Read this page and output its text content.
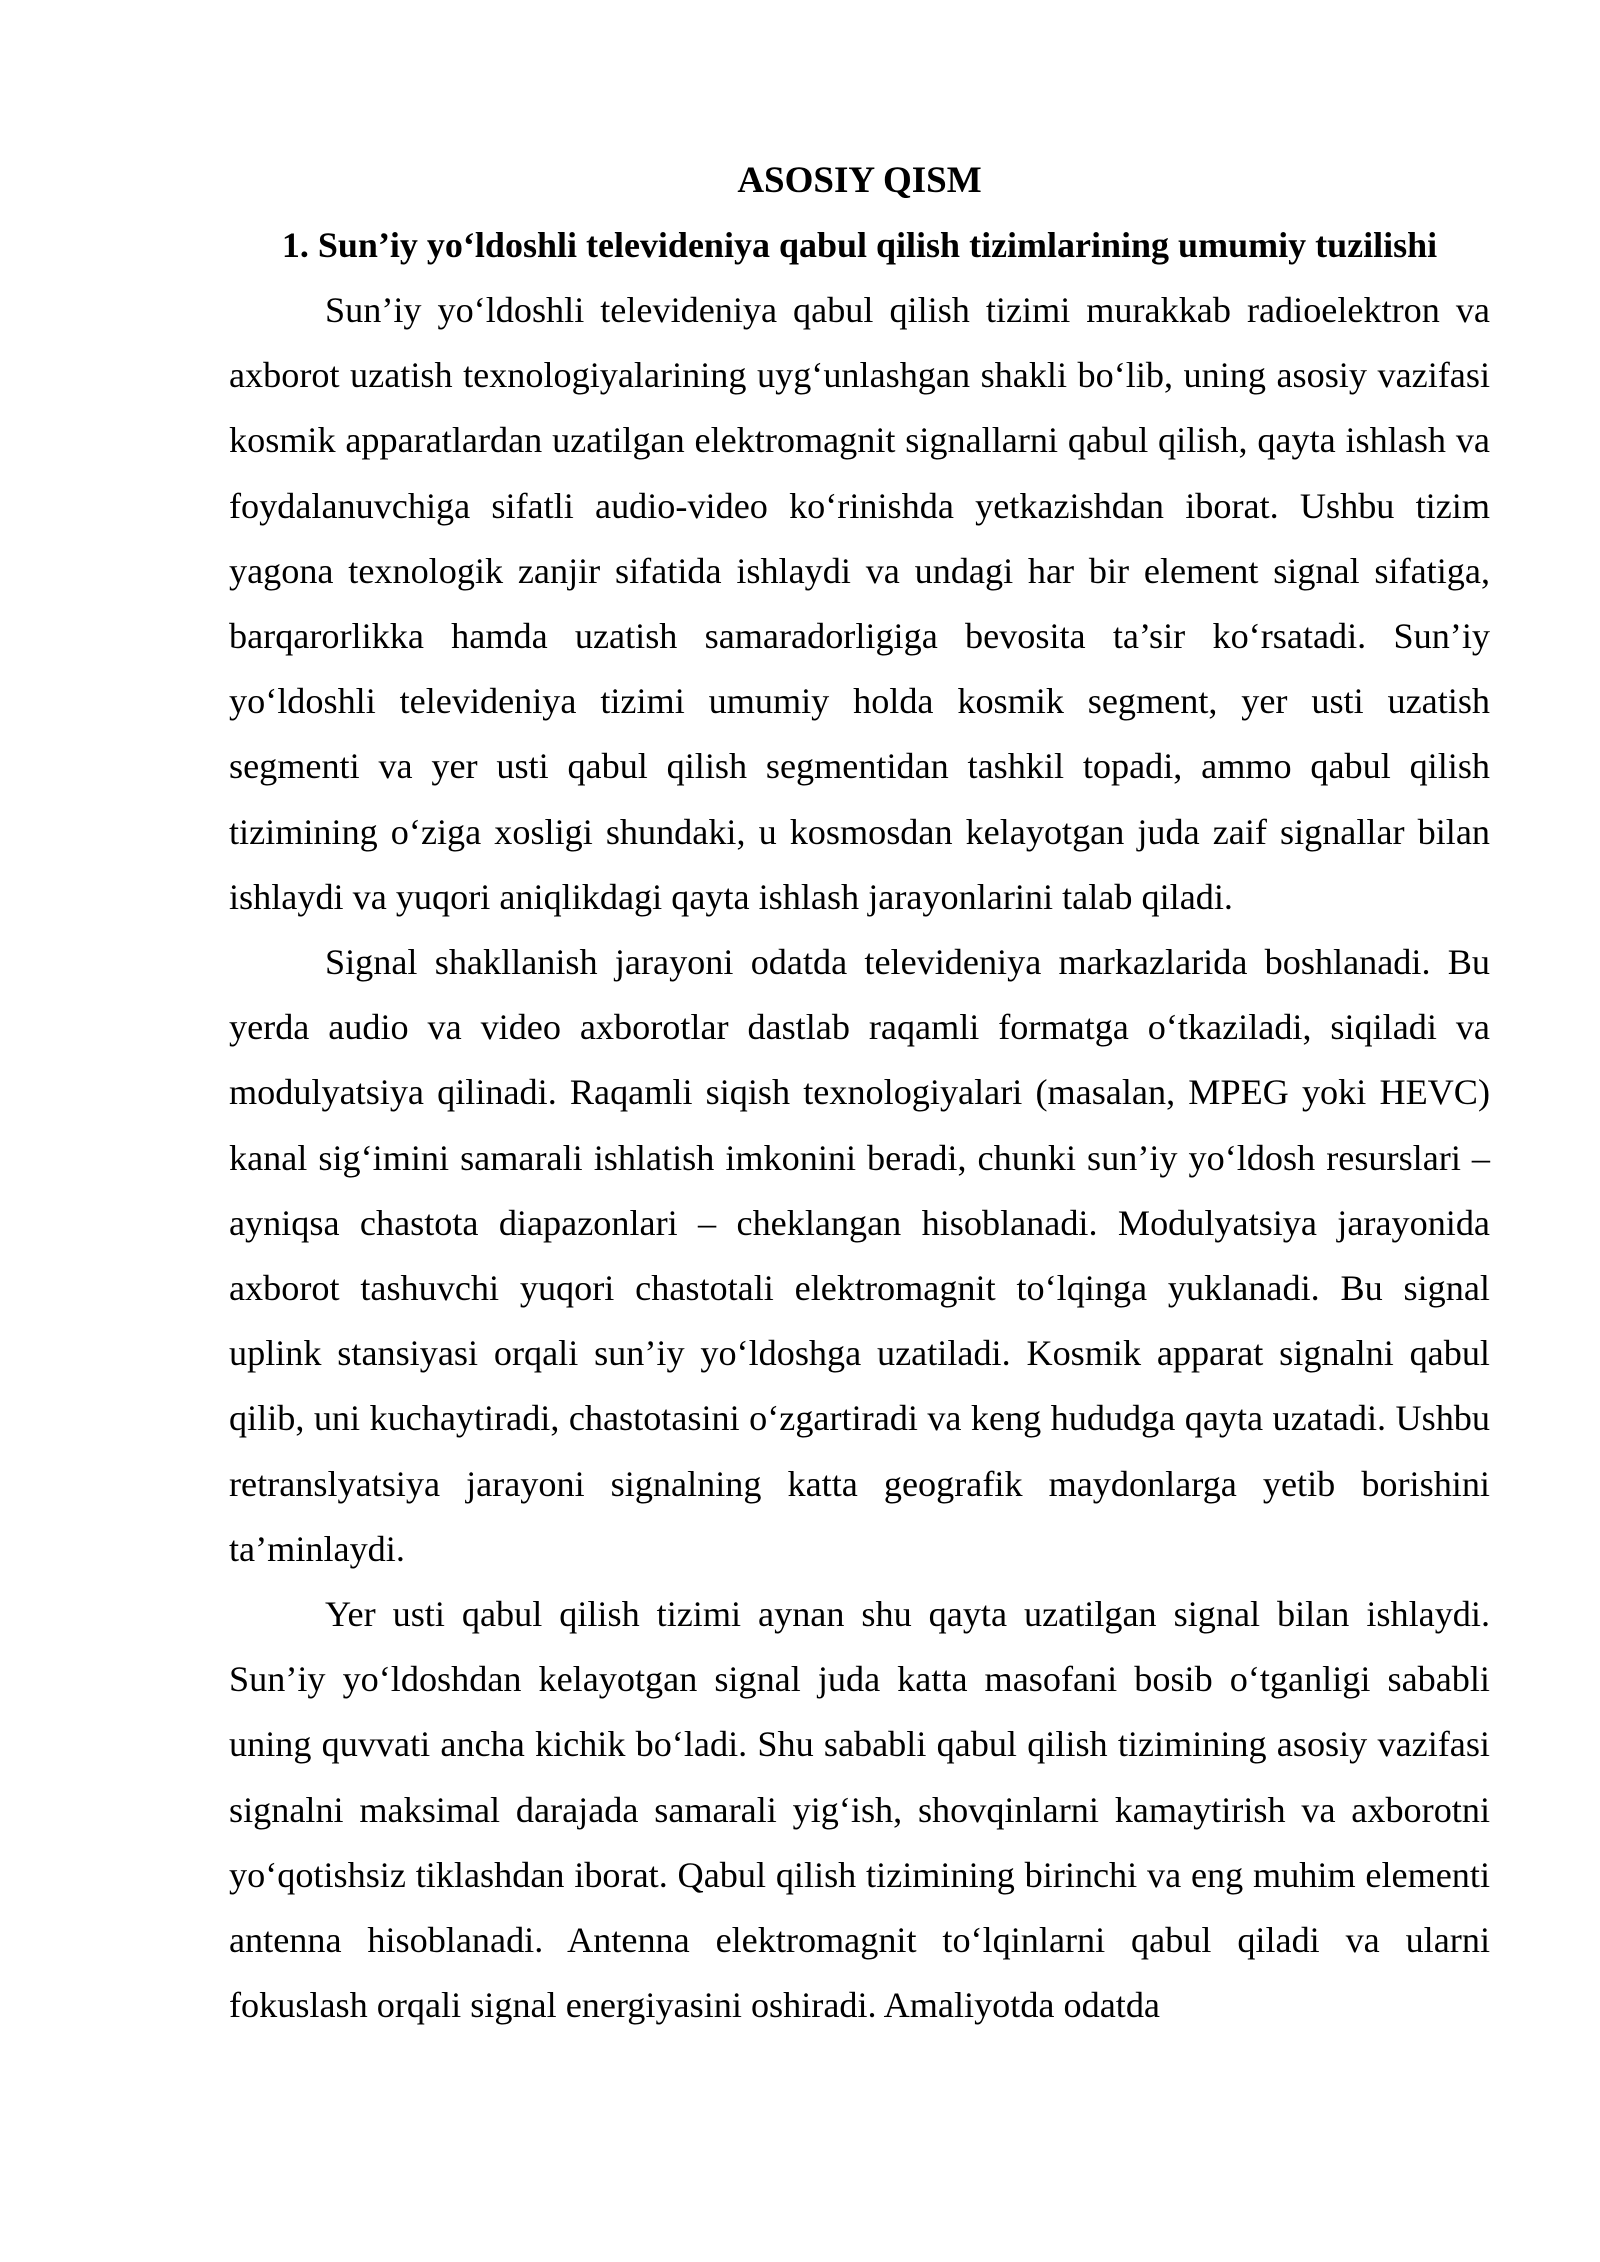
ASOSIY QISM
1. Sun’iy yo‘ldoshli televideniya qabul qilish tizimlarining umumiy tuzilishi

Sun’iy yo‘ldoshli televideniya qabul qilish tizimi murakkab radioelektron va axborot uzatish texnologiyalarining uyg‘unlashgan shakli bo‘lib, uning asosiy vazifasi kosmik apparatlardan uzatilgan elektromagnit signallarni qabul qilish, qayta ishlash va foydalanuvchiga sifatli audio-video ko‘rinishda yetkazishdan iborat. Ushbu tizim yagona texnologik zanjir sifatida ishlaydi va undagi har bir element signal sifatiga, barqarorlikka hamda uzatish samaradorligiga bevosita ta’sir ko‘rsatadi. Sun’iy yo‘ldoshli televideniya tizimi umumiy holda kosmik segment, yer usti uzatish segmenti va yer usti qabul qilish segmentidan tashkil topadi, ammo qabul qilish tizimining o‘ziga xosligi shundaki, u kosmosdan kelayotgan juda zaif signallar bilan ishlaydi va yuqori aniqlikdagi qayta ishlash jarayonlarini talab qiladi.

Signal shakllanish jarayoni odatda televideniya markazlarida boshlanadi. Bu yerda audio va video axborotlar dastlab raqamli formatga o‘tkaziladi, siqiladi va modulyatsiya qilinadi. Raqamli siqish texnologiyalari (masalan, MPEG yoki HEVC) kanal sig‘imini samarali ishlatish imkonini beradi, chunki sun’iy yo‘ldosh resurslari – ayniqsa chastota diapazonlari – cheklangan hisoblanadi. Modulyatsiya jarayonida axborot tashuvchi yuqori chastotali elektromagnit to‘lqinga yuklanadi. Bu signal uplink stansiyasi orqali sun’iy yo‘ldoshga uzatiladi. Kosmik apparat signalni qabul qilib, uni kuchaytiradi, chastotasini o‘zgartiradi va keng hududga qayta uzatadi. Ushbu retranslyatsiya jarayoni signalning katta geografik maydonlarga yetib borishini ta’minlaydi.

Yer usti qabul qilish tizimi aynan shu qayta uzatilgan signal bilan ishlaydi. Sun’iy yo‘ldoshdan kelayotgan signal juda katta masofani bosib o‘tganligi sababli uning quvvati ancha kichik bo‘ladi. Shu sababli qabul qilish tizimining asosiy vazifasi signalni maksimal darajada samarali yig‘ish, shovqinlarni kamaytirish va axborotni yo‘qotishsiz tiklashdan iborat. Qabul qilish tizimining birinchi va eng muhim elementi antenna hisoblanadi. Antenna elektromagnit to‘lqinlarni qabul qiladi va ularni fokuslash orqali signal energiyasini oshiradi. Amaliyotda odatda
